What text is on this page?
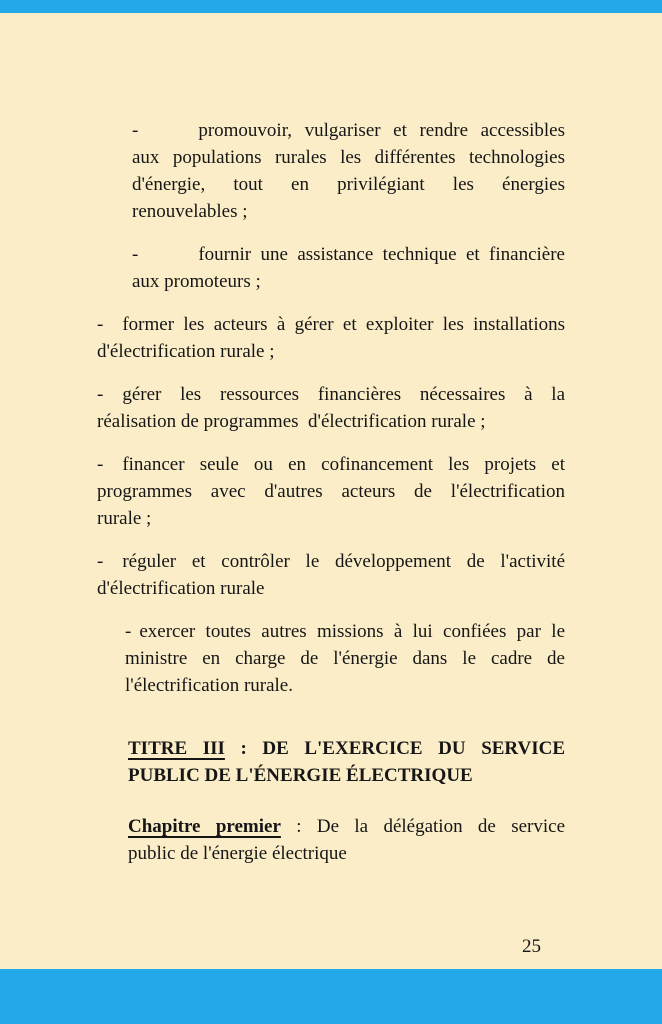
-	promouvoir, vulgariser et rendre accessibles
aux populations rurales les différentes technologies
d'énergie, tout en privilégiant les énergies
renouvelables ;
-	fournir une assistance technique et financière
aux promoteurs ;
- former les acteurs à gérer et exploiter les installations
d'électrification rurale ;
- gérer les ressources financières nécessaires à la
réalisation de programmes  d'électrification rurale ;
- financer seule ou en cofinancement les projets et
programmes avec d'autres acteurs de l'électrification
rurale ;
- réguler et contrôler le développement de l'activité
d'électrification rurale
- exercer toutes autres missions à lui confiées par le
ministre en charge de l'énergie dans le cadre de
l'électrification rurale.
TITRE III : DE L'EXERCICE DU SERVICE
PUBLIC DE L'ÉNERGIE ÉLECTRIQUE
Chapitre premier : De la délégation de service
public de l'énergie électrique
25
